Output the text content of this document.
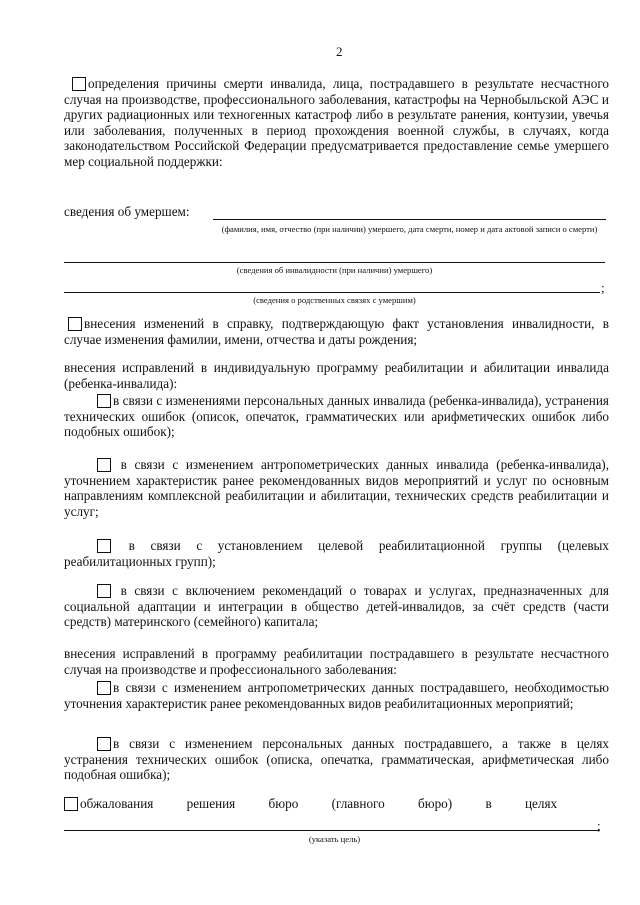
2
определения причины смерти инвалида, лица, пострадавшего в результате несчастного случая на производстве, профессионального заболевания, катастрофы на Чернобыльской АЭС и других радиационных или техногенных катастроф либо в результате ранения, контузии, увечья или заболевания, полученных в период прохождения военной службы, в случаях, когда законодательством Российской Федерации предусматривается предоставление семье умершего мер социальной поддержки:
сведения об умершем:
(фамилия, имя, отчество (при наличии) умершего, дата смерти, номер и дата актовой записи о смерти)
(сведения об инвалидности (при наличии) умершего)
;
(сведения о родственных связях с умершим)
внесения изменений в справку, подтверждающую факт установления инвалидности, в случае изменения фамилии, имени, отчества и даты рождения;
внесения исправлений в индивидуальную программу реабилитации и абилитации инвалида (ребенка-инвалида):
в связи с изменениями персональных данных инвалида (ребенка-инвалида), устранения технических ошибок (описок, опечаток, грамматических или арифметических ошибок либо подобных ошибок);
в связи с изменением антропометрических данных инвалида (ребенка-инвалида), уточнением характеристик ранее рекомендованных видов мероприятий и услуг по основным направлениям комплексной реабилитации и абилитации, технических средств реабилитации и услуг;
в связи с установлением целевой реабилитационной группы (целевых реабилитационных групп);
в связи с включением рекомендаций о товарах и услугах, предназначенных для социальной адаптации и интеграции в общество детей-инвалидов, за счёт средств (части средств) материнского (семейного) капитала;
внесения исправлений в программу реабилитации пострадавшего в результате несчастного случая на производстве и профессионального заболевания:
в связи с изменением антропометрических данных пострадавшего, необходимостью уточнения характеристик ранее рекомендованных видов реабилитационных мероприятий;
в связи с изменением персональных данных пострадавшего, а также в целях устранения технических ошибок (описка, опечатка, грамматическая, арифметическая либо подобная ошибка);
обжалования решения бюро (главного бюро) в целях
;
(указать цель)
